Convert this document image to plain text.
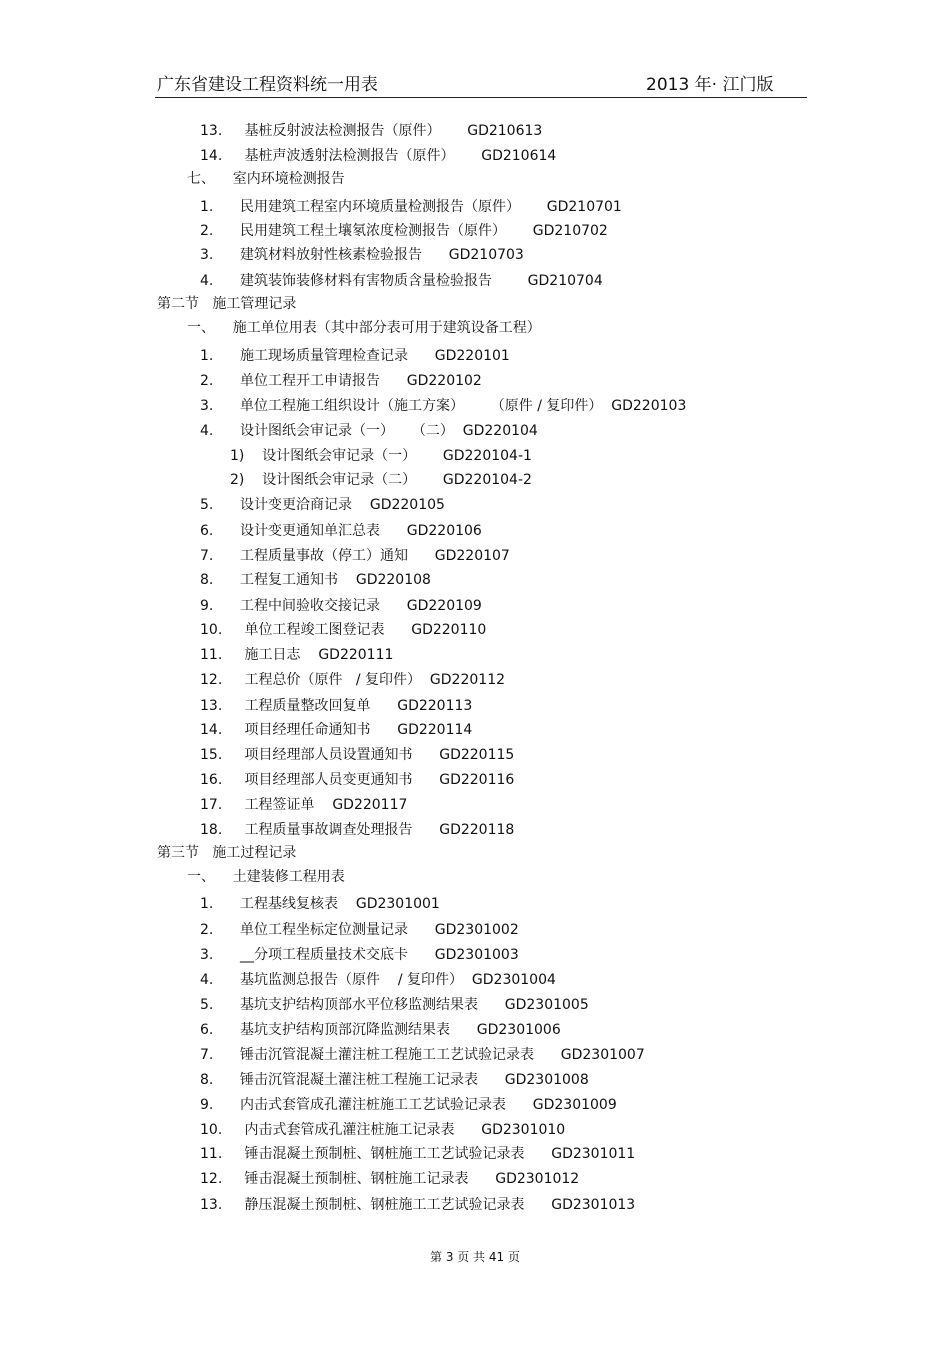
广东省建设工程资料统一用表	2013 年· 江门版
13.     基桩反射波法检测报告（原件）      GD210613
14.     基桩声波透射法检测报告（原件）      GD210614
七、    室内环境检测报告
1.      民用建筑工程室内环境质量检测报告（原件）      GD210701
2.      民用建筑工程土壤氡浓度检测报告（原件）      GD210702
3.      建筑材料放射性核素检验报告      GD210703
4.      建筑装饰装修材料有害物质含量检验报告        GD210704
第二节   施工管理记录
一、    施工单位用表（其中部分表可用于建筑设备工程）
1.      施工现场质量管理检查记录      GD220101
2.      单位工程开工申请报告      GD220102
3.      单位工程施工组织设计（施工方案）      （原件 / 复印件）  GD220103
4.      设计图纸会审记录（一）    （二）  GD220104
1)    设计图纸会审记录（一）      GD220104-1
2)    设计图纸会审记录（二）      GD220104-2
5.      设计变更洽商记录    GD220105
6.      设计变更通知单汇总表      GD220106
7.      工程质量事故（停工）通知      GD220107
8.      工程复工通知书    GD220108
9.      工程中间验收交接记录      GD220109
10.     单位工程竣工图登记表      GD220110
11.     施工日志    GD220111
12.     工程总价（原件   / 复印件）  GD220112
13.     工程质量整改回复单      GD220113
14.     项目经理任命通知书      GD220114
15.     项目经理部人员设置通知书      GD220115
16.     项目经理部人员变更通知书      GD220116
17.     工程签证单    GD220117
18.     工程质量事故调查处理报告      GD220118
第三节   施工过程记录
一、    土建装修工程用表
1.      工程基线复核表    GD2301001
2.      单位工程坐标定位测量记录      GD2301002
3.      __分项工程质量技术交底卡      GD2301003
4.      基坑监测总报告（原件    / 复印件）  GD2301004
5.      基坑支护结构顶部水平位移监测结果表      GD2301005
6.      基坑支护结构顶部沉降监测结果表      GD2301006
7.      锤击沉管混凝土灌注桩工程施工工艺试验记录表      GD2301007
8.      锤击沉管混凝土灌注桩工程施工记录表      GD2301008
9.      内击式套管成孔灌注桩施工工艺试验记录表      GD2301009
10.     内击式套管成孔灌注桩施工记录表      GD2301010
11.     锤击混凝土预制桩、钢桩施工工艺试验记录表      GD2301011
12.     锤击混凝土预制桩、钢桩施工记录表      GD2301012
13.     静压混凝土预制桩、钢桩施工工艺试验记录表      GD2301013
第 3 页 共 41 页
